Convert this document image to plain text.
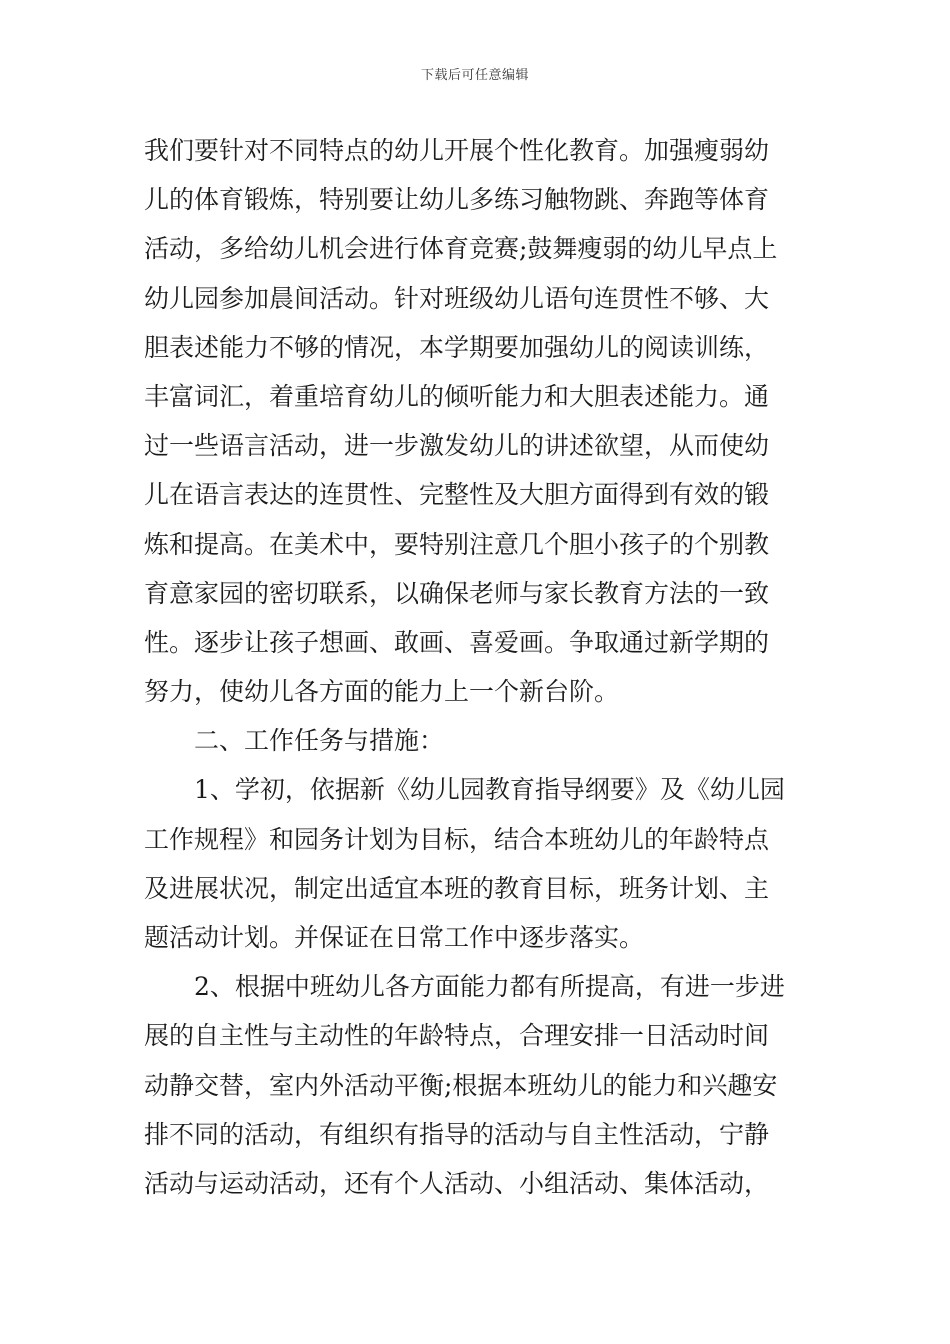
下载后可任意编辑
我们要针对不同特点的幼儿开展个性化教育。加强瘦弱幼
儿的体育锻炼，特别要让幼儿多练习触物跳、奔跑等体育
活动，多给幼儿机会进行体育竞赛;鼓舞瘦弱的幼儿早点上
幼儿园参加晨间活动。针对班级幼儿语句连贯性不够、大
胆表述能力不够的情况，本学期要加强幼儿的阅读训练，
丰富词汇，着重培育幼儿的倾听能力和大胆表述能力。通
过一些语言活动，进一步激发幼儿的讲述欲望，从而使幼
儿在语言表达的连贯性、完整性及大胆方面得到有效的锻
炼和提高。在美术中，要特别注意几个胆小孩子的个别教
育意家园的密切联系，以确保老师与家长教育方法的一致
性。逐步让孩子想画、敢画、喜爱画。争取通过新学期的
努力，使幼儿各方面的能力上一个新台阶。
二、工作任务与措施：
1、学初，依据新《幼儿园教育指导纲要》及《幼儿园
工作规程》和园务计划为目标，结合本班幼儿的年龄特点
及进展状况，制定出适宜本班的教育目标，班务计划、主
题活动计划。并保证在日常工作中逐步落实。
2、根据中班幼儿各方面能力都有所提高，有进一步进
展的自主性与主动性的年龄特点，合理安排一日活动时间
动静交替，室内外活动平衡;根据本班幼儿的能力和兴趣安
排不同的活动，有组织有指导的活动与自主性活动，宁静
活动与运动活动，还有个人活动、小组活动、集体活动，
